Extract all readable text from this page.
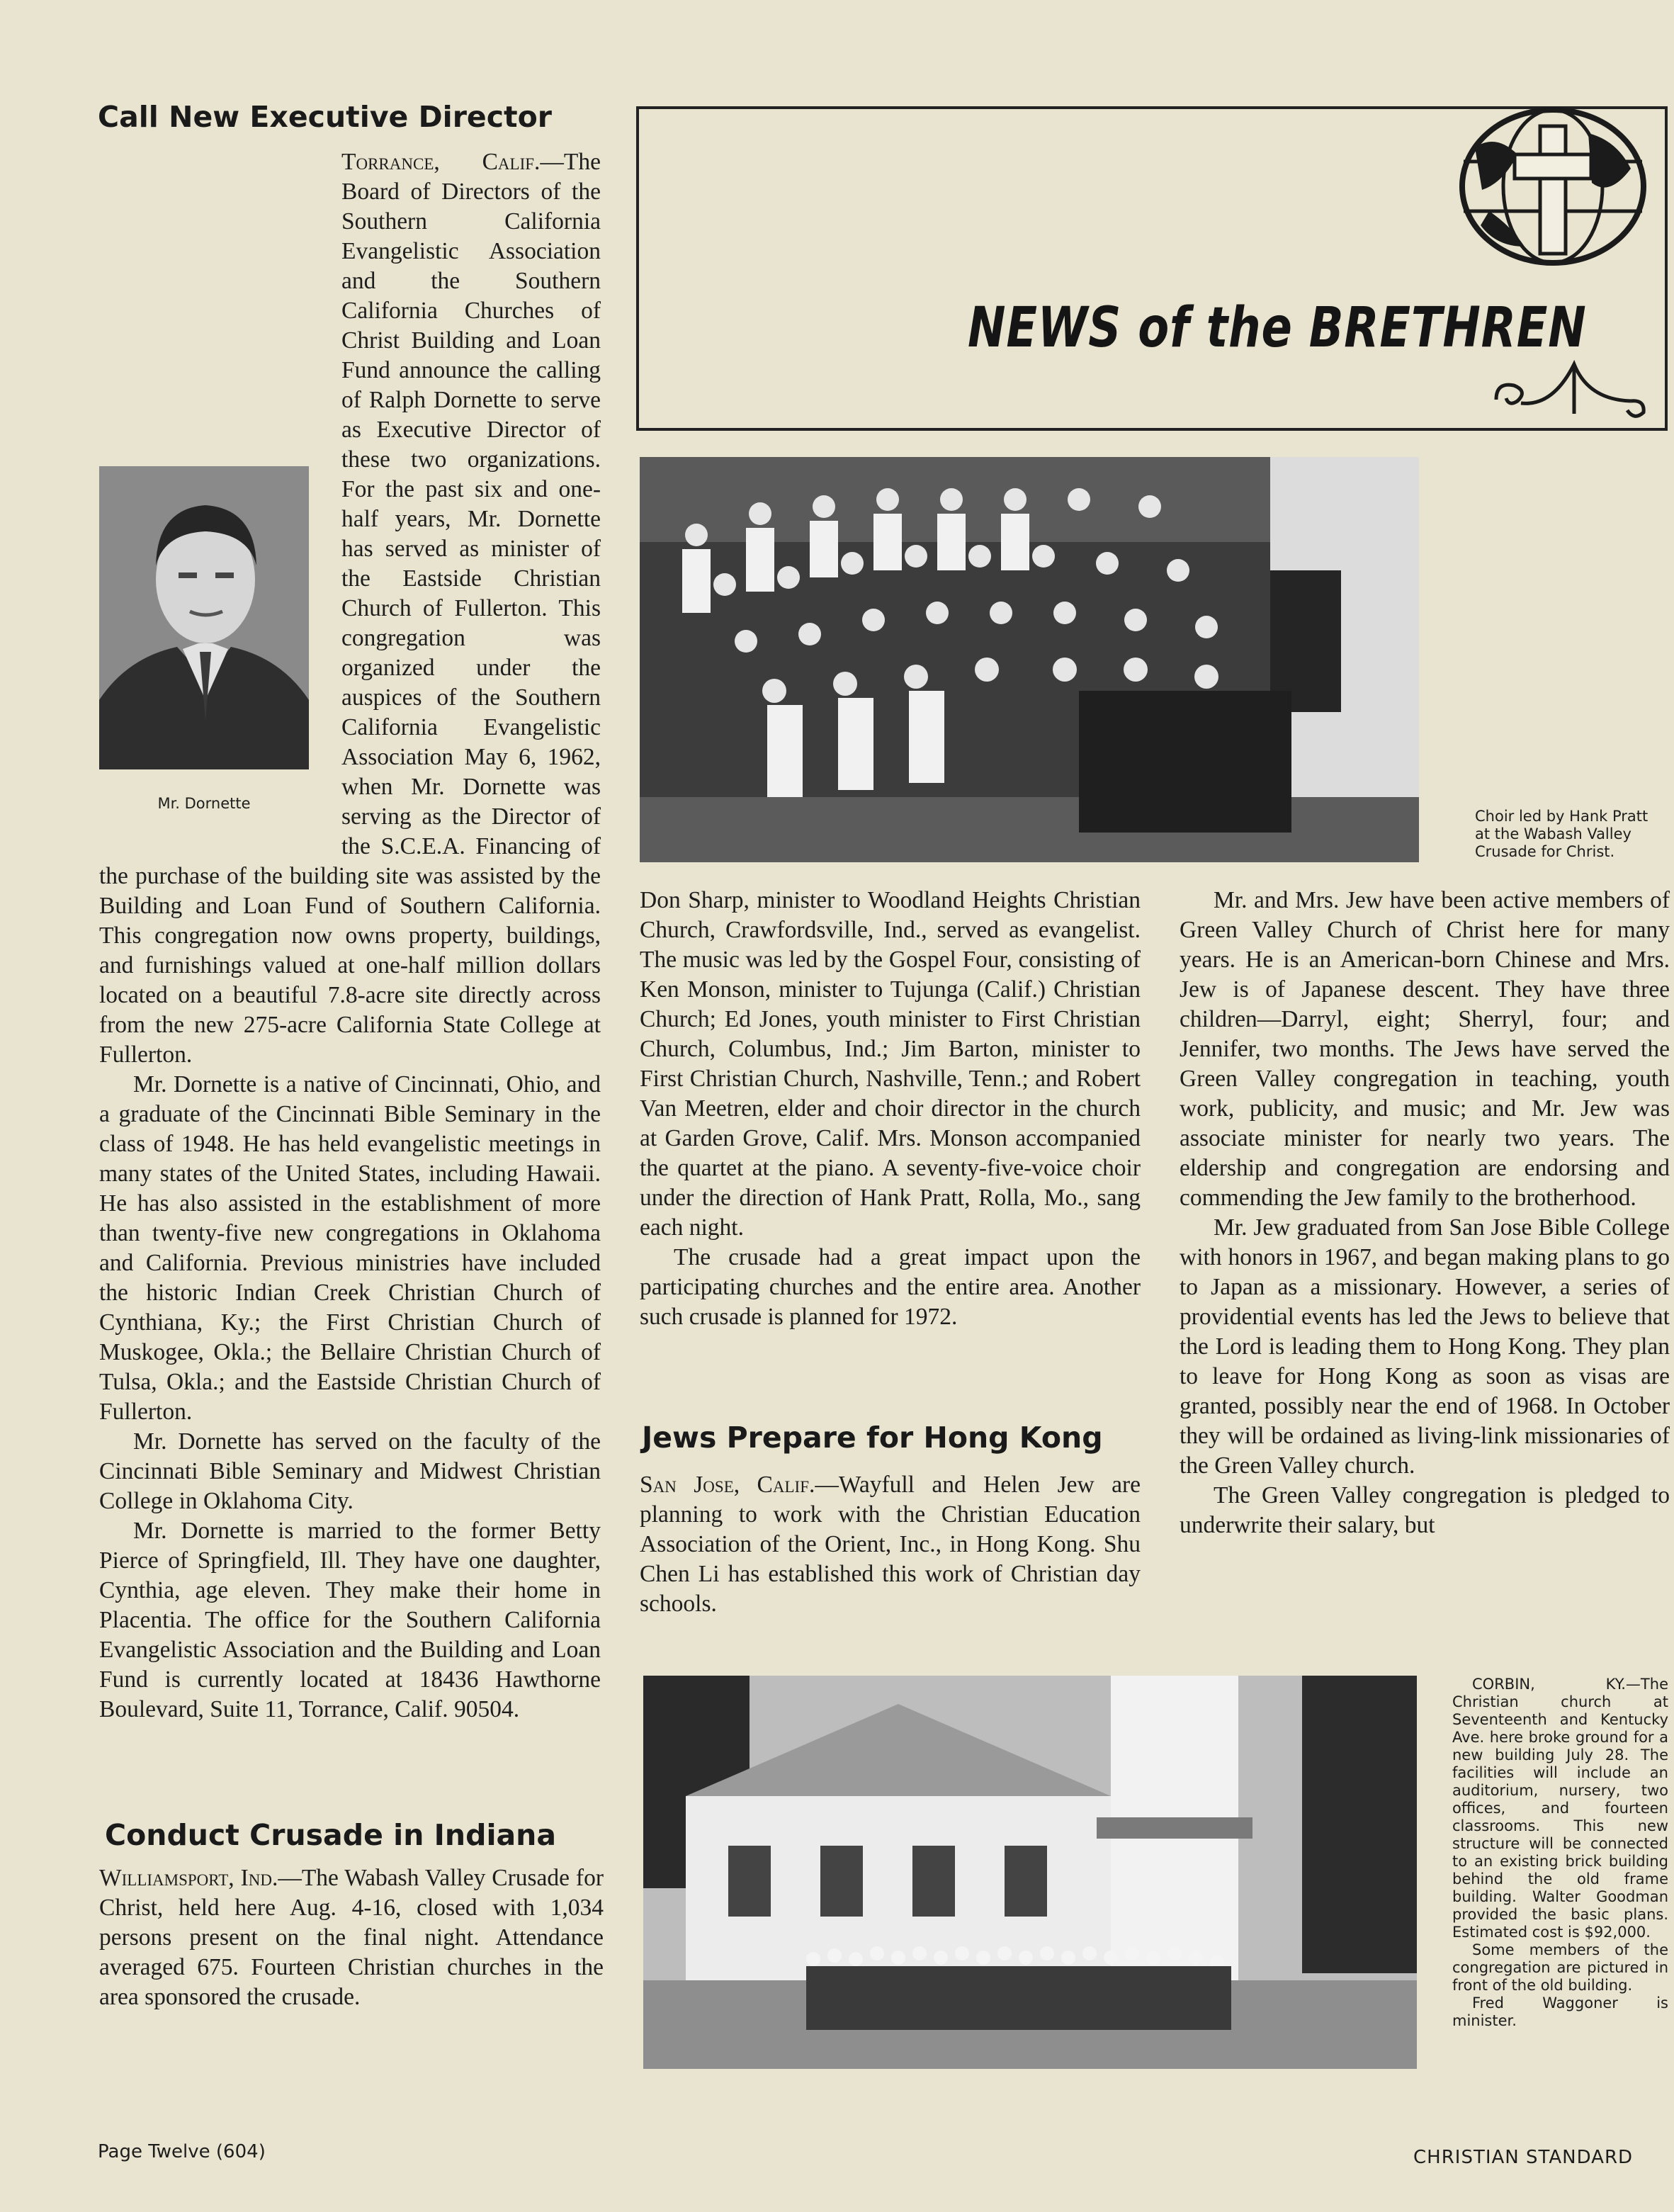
Call New Executive Director

Mr. Dornette

Torrance, Calif.—The Board of Directors of the Southern California Evangelistic Association and the Southern California Churches of Christ Building and Loan Fund announce the calling of Ralph Dornette to serve as Executive Director of these two organizations. For the past six and one-half years, Mr. Dornette has served as minister of the Eastside Christian Church of Fullerton. This congregation was organized under the auspices of the Southern California Evangelistic Association May 6, 1962, when Mr. Dornette was serving as the Director of the S.C.E.A. Financing of the purchase of the building site was assisted by the Building and Loan Fund of Southern California. This congregation now owns property, buildings, and furnishings valued at one-half million dollars located on a beautiful 7.8-acre site directly across from the new 275-acre California State College at Fullerton.

Mr. Dornette is a native of Cincinnati, Ohio, and a graduate of the Cincinnati Bible Seminary in the class of 1948. He has held evangelistic meetings in many states of the United States, including Hawaii. He has also assisted in the establishment of more than twenty-five new congregations in Oklahoma and California. Previous ministries have included the historic Indian Creek Christian Church of Cynthiana, Ky.; the First Christian Church of Muskogee, Okla.; the Bellaire Christian Church of Tulsa, Okla.; and the Eastside Christian Church of Fullerton.

Mr. Dornette has served on the faculty of the Cincinnati Bible Seminary and Midwest Christian College in Oklahoma City.

Mr. Dornette is married to the former Betty Pierce of Springfield, Ill. They have one daughter, Cynthia, age eleven. They make their home in Placentia. The office for the Southern California Evangelistic Association and the Building and Loan Fund is currently located at 18436 Hawthorne Boulevard, Suite 11, Torrance, Calif. 90504.

Conduct Crusade in Indiana

Williamsport, Ind.—The Wabash Valley Crusade for Christ, held here Aug. 4-16, closed with 1,034 persons present on the final night. Attendance averaged 675. Fourteen Christian churches in the area sponsored the crusade.

NEWS of the BRETHREN

Choir led by Hank Pratt at the Wabash Valley Crusade for Christ.

Don Sharp, minister to Woodland Heights Christian Church, Crawfordsville, Ind., served as evangelist. The music was led by the Gospel Four, consisting of Ken Monson, minister to Tujunga (Calif.) Christian Church; Ed Jones, youth minister to First Christian Church, Columbus, Ind.; Jim Barton, minister to First Christian Church, Nashville, Tenn.; and Robert Van Meetren, elder and choir director in the church at Garden Grove, Calif. Mrs. Monson accompanied the quartet at the piano. A seventy-five-voice choir under the direction of Hank Pratt, Rolla, Mo., sang each night.

The crusade had a great impact upon the participating churches and the entire area. Another such crusade is planned for 1972.

Jews Prepare for Hong Kong

San Jose, Calif.—Wayfull and Helen Jew are planning to work with the Christian Education Association of the Orient, Inc., in Hong Kong. Shu Chen Li has established this work of Christian day schools.

Mr. and Mrs. Jew have been active members of Green Valley Church of Christ here for many years. He is an American-born Chinese and Mrs. Jew is of Japanese descent. They have three children—Darryl, eight; Sherryl, four; and Jennifer, two months. The Jews have served the Green Valley congregation in teaching, youth work, publicity, and music; and Mr. Jew was associate minister for nearly two years. The eldership and congregation are endorsing and commending the Jew family to the brotherhood.

Mr. Jew graduated from San Jose Bible College with honors in 1967, and began making plans to go to Japan as a missionary. However, a series of providential events has led the Jews to believe that the Lord is leading them to Hong Kong. They plan to leave for Hong Kong as soon as visas are granted, possibly near the end of 1968. In October they will be ordained as living-link missionaries of the Green Valley church.

The Green Valley congregation is pledged to underwrite their salary, but

CORBIN, KY.—The Christian church at Seventeenth and Kentucky Ave. here broke ground for a new building July 28. The facilities will include an auditorium, nursery, two offices, and fourteen classrooms. This new structure will be connected to an existing brick building behind the old frame building. Walter Goodman provided the basic plans. Estimated cost is $92,000.

Some members of the congregation are pictured in front of the old building.

Fred Waggoner is minister.

Page Twelve (604)	CHRISTIAN STANDARD
